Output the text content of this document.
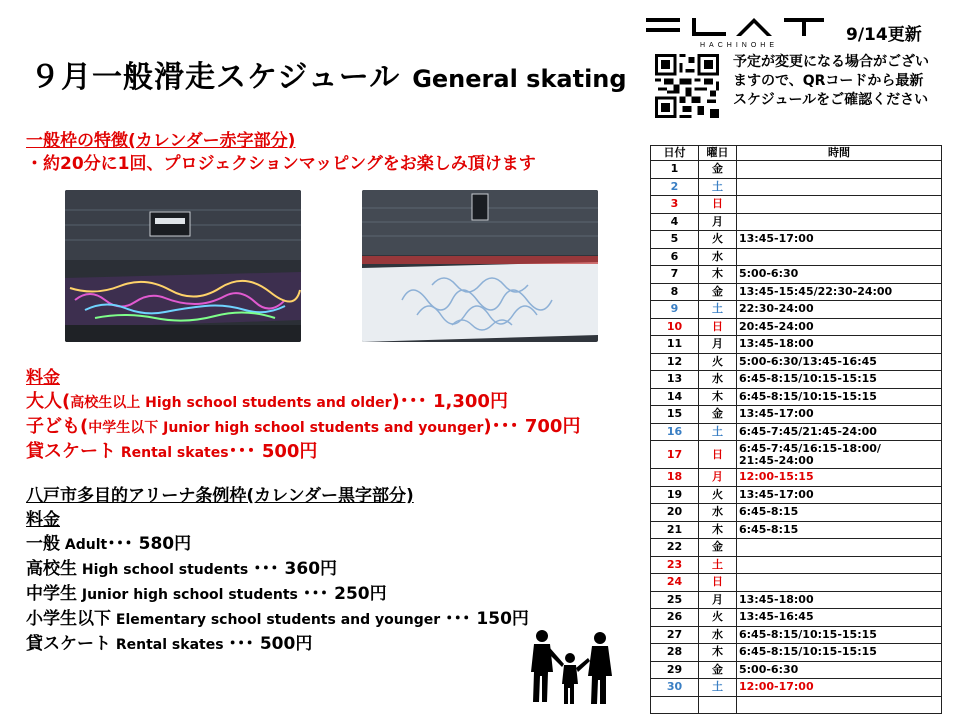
９月一般滑走スケジュール General skating
HACHINOHE
9/14更新
予定が変更になる場合がござい
ますので、QRコードから最新
スケジュールをご確認ください
一般枠の特徴(カレンダー赤字部分)
・約20分に1回、プロジェクションマッピングをお楽しみ頂けます
料金
大人(高校生以上 High school students and older)･･･ 1,300円
子ども(中学生以下 Junior high school students and younger)･･･ 700円
貸スケート Rental skates･･･ 500円
八戸市多目的アリーナ条例枠(カレンダー黒字部分)
料金
一般 Adult･･･ 580円
高校生 High school students ･･･ 360円
中学生 Junior high school students ･･･ 250円
小学生以下 Elementary school students and younger ･･･ 150円
貸スケート Rental skates ･･･ 500円
日付	曜日	時間
1	金	

2	土	

3	日	

4	月	

5	火	13:45-17:00

6	水	

7	木	5:00-6:30

8	金	13:45-15:45/22:30-24:00

9	土	22:30-24:00

10	日	20:45-24:00

11	月	13:45-18:00

12	火	5:00-6:30/13:45-16:45

13	水	6:45-8:15/10:15-15:15

14	木	6:45-8:15/10:15-15:15

15	金	13:45-17:00

16	土	6:45-7:45/21:45-24:00

17	日	6:45-7:45/16:15-18:00/
21:45-24:00

18	月	12:00-15:15

19	火	13:45-17:00

20	水	6:45-8:15

21	木	6:45-8:15

22	金	

23	土	

24	日	

25	月	13:45-18:00

26	火	13:45-16:45

27	水	6:45-8:15/10:15-15:15

28	木	6:45-8:15/10:15-15:15

29	金	5:00-6:30

30	土	12:00-17:00
